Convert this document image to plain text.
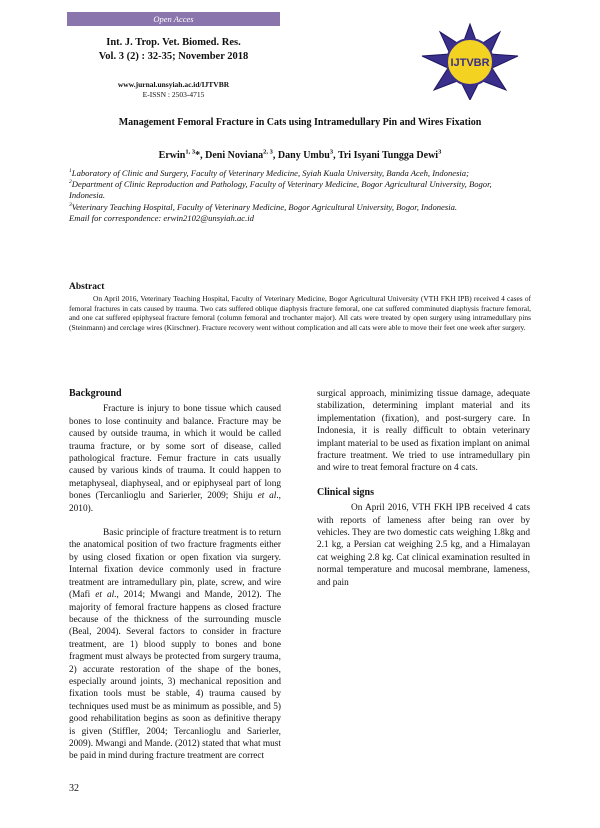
Open Acces
Int. J. Trop. Vet. Biomed. Res.
Vol. 3 (2) : 32-35; November 2018
www.jurnal.unsyiah.ac.id/IJTVBR
E-ISSN : 2503-4715
IJTVBR
Management Femoral Fracture in Cats using Intramedullary Pin and Wires Fixation
Erwin$^{1, 3}$*, Deni Noviana$^{2, 3}$, Dany Umbu$^3$, Tri Isyani Tungga Dewi$^3$
$^1$Laboratory of Clinic and Surgery, Faculty of Veterinary Medicine, Syiah Kuala University, Banda Aceh, Indonesia;
$^2$Department of Clinic Reproduction and Pathology, Faculty of Veterinary Medicine, Bogor Agricultural University, Bogor,
Indonesia.
$^3$Veterinary Teaching Hospital, Faculty of Veterinary Medicine, Bogor Agricultural University, Bogor, Indonesia.
Email for correspondence: erwin2102@unsyiah.ac.id
Abstract
On April 2016, Veterinary Teaching Hospital, Faculty of Veterinary Medicine, Bogor Agricultural University (VTH FKH IPB) received 4 cases of femoral fractures in cats caused by trauma. Two cats suffered oblique diaphysis fracture femoral, one cat suffered comminuted diaphysis fracture femoral, and one cat suffered epiphyseal fracture femoral (column femoral and trochanter major). All cats were treated by open surgery using intramedullary pins (Steinmann) and cerclage wires (Kirschner). Fracture recovery went without complication and all cats were able to move their feet one week after surgery.
Background

Fracture is injury to bone tissue which caused bones to lose continuity and balance. Fracture may be caused by outside trauma, in which it would be called trauma fracture, or by some sort of disease, called pathological fracture. Femur fracture in cats usually caused by various kinds of trauma. It could happen to metaphyseal, diaphyseal, and or epiphyseal part of long bones (Tercanlioglu and Sarierler, 2009; Shiju et al., 2010).

Basic principle of fracture treatment is to return the anatomical position of two fracture fragments either by using closed fixation or open fixation via surgery. Internal fixation device commonly used in fracture treatment are intramedullary pin, plate, screw, and wire (Mafi et al., 2014; Mwangi and Mande, 2012). The majority of femoral fracture happens as closed fracture because of the thickness of the surrounding muscle (Beal, 2004). Several factors to consider in fracture treatment, are 1) blood supply to bones and bone fragment must always be protected from surgery trauma, 2) accurate restoration of the shape of the bones, especially around joints, 3) mechanical reposition and fixation tools must be stable, 4) trauma caused by techniques used must be as minimum as possible, and 5) good rehabilitation begins as soon as definitive therapy is given (Stiffler, 2004; Tercanlioglu and Sarierler, 2009). Mwangi and Mande. (2012) stated that what must be paid in mind during fracture treatment are correct

surgical approach, minimizing tissue damage, adequate stabilization, determining implant material and its implementation (fixation), and post-surgery care. In Indonesia, it is really difficult to obtain veterinary implant material to be used as fixation implant on animal fracture treatment. We tried to use intramedullary pin and wire to treat femoral fracture on 4 cats.

Clinical signs

On April 2016, VTH FKH IPB received 4 cats with reports of lameness after being ran over by vehicles. They are two domestic cats weighing 1.8kg and 2.1 kg, a Persian cat weighing 2.5 kg, and a Himalayan cat weighing 2.8 kg. Cat clinical examination resulted in normal temperature and mucosal membrane, lameness, and pain

32
